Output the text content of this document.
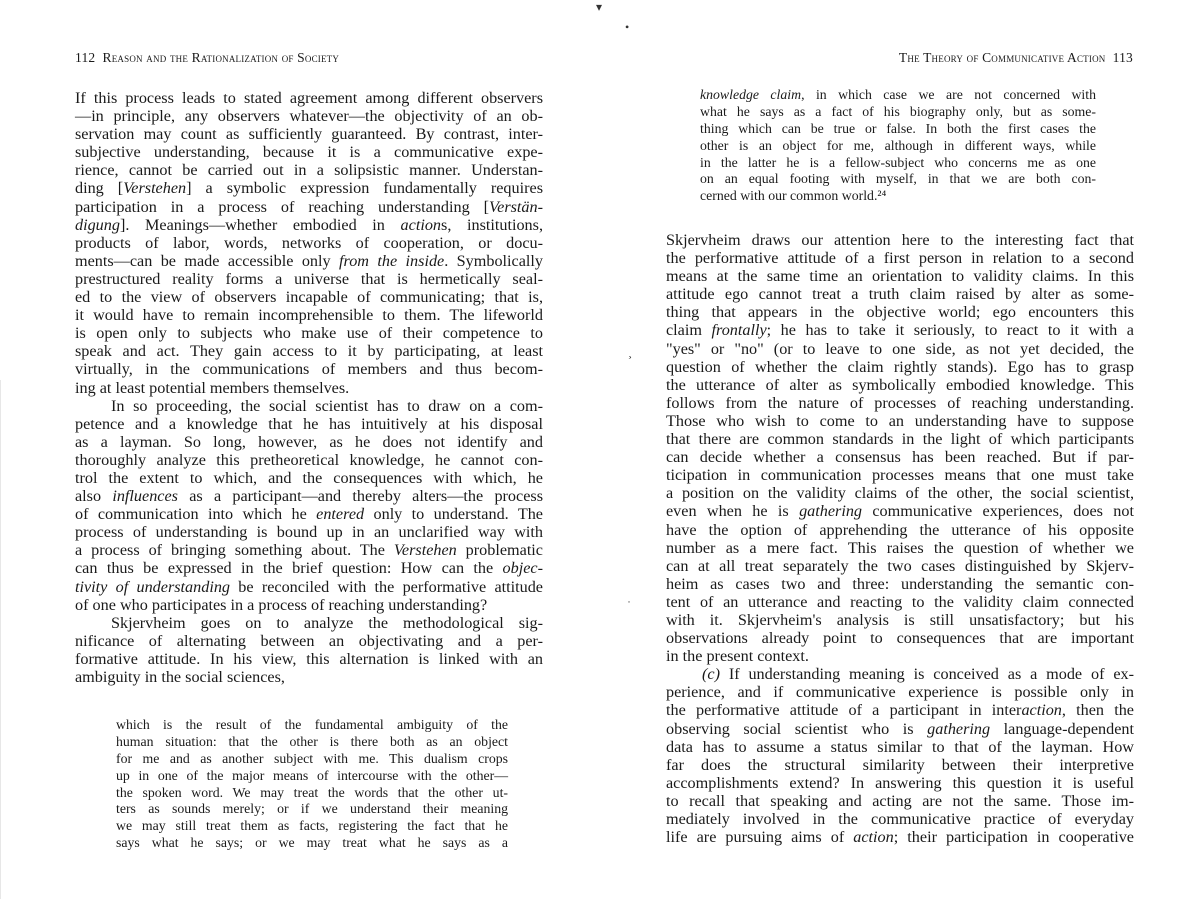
112 Reason and the Rationalization of Society
If this process leads to stated agreement among different observers
—in principle, any observers whatever—the objectivity of an ob-
servation may count as sufficiently guaranteed. By contrast, inter-
subjective understanding, because it is a communicative expe-
rience, cannot be carried out in a solipsistic manner. Understan-
ding [Verstehen] a symbolic expression fundamentally requires
participation in a process of reaching understanding [Verstän-
digung]. Meanings—whether embodied in actions, institutions,
products of labor, words, networks of cooperation, or docu-
ments—can be made accessible only from the inside. Symbolically
prestructured reality forms a universe that is hermetically seal-
ed to the view of observers incapable of communicating; that is,
it would have to remain incomprehensible to them. The lifeworld
is open only to subjects who make use of their competence to
speak and act. They gain access to it by participating, at least
virtually, in the communications of members and thus becom-
ing at least potential members themselves.
In so proceeding, the social scientist has to draw on a com-
petence and a knowledge that he has intuitively at his disposal
as a layman. So long, however, as he does not identify and
thoroughly analyze this pretheoretical knowledge, he cannot con-
trol the extent to which, and the consequences with which, he
also influences as a participant—and thereby alters—the process
of communication into which he entered only to understand. The
process of understanding is bound up in an unclarified way with
a process of bringing something about. The Verstehen problematic
can thus be expressed in the brief question: How can the objec-
tivity of understanding be reconciled with the performative attitude
of one who participates in a process of reaching understanding?
Skjervheim goes on to analyze the methodological sig-
nificance of alternating between an objectivating and a per-
formative attitude. In his view, this alternation is linked with an
ambiguity in the social sciences,
which is the result of the fundamental ambiguity of the
human situation: that the other is there both as an object
for me and as another subject with me. This dualism crops
up in one of the major means of intercourse with the other—
the spoken word. We may treat the words that the other ut-
ters as sounds merely; or if we understand their meaning
we may still treat them as facts, registering the fact that he
says what he says; or we may treat what he says as a
The Theory of Communicative Action 113
knowledge claim, in which case we are not concerned with
what he says as a fact of his biography only, but as some-
thing which can be true or false. In both the first cases the
other is an object for me, although in different ways, while
in the latter he is a fellow-subject who concerns me as one
on an equal footing with myself, in that we are both con-
cerned with our common world.²⁴
Skjervheim draws our attention here to the interesting fact that
the performative attitude of a first person in relation to a second
means at the same time an orientation to validity claims. In this
attitude ego cannot treat a truth claim raised by alter as some-
thing that appears in the objective world; ego encounters this
claim frontally; he has to take it seriously, to react to it with a
"yes" or "no" (or to leave to one side, as not yet decided, the
question of whether the claim rightly stands). Ego has to grasp
the utterance of alter as symbolically embodied knowledge. This
follows from the nature of processes of reaching understanding.
Those who wish to come to an understanding have to suppose
that there are common standards in the light of which participants
can decide whether a consensus has been reached. But if par-
ticipation in communication processes means that one must take
a position on the validity claims of the other, the social scientist,
even when he is gathering communicative experiences, does not
have the option of apprehending the utterance of his opposite
number as a mere fact. This raises the question of whether we
can at all treat separately the two cases distinguished by Skjerv-
heim as cases two and three: understanding the semantic con-
tent of an utterance and reacting to the validity claim connected
with it. Skjervheim's analysis is still unsatisfactory; but his
observations already point to consequences that are important
in the present context.
(c) If understanding meaning is conceived as a mode of ex-
perience, and if communicative experience is possible only in
the performative attitude of a participant in interaction, then the
observing social scientist who is gathering language-dependent
data has to assume a status similar to that of the layman. How
far does the structural similarity between their interpretive
accomplishments extend? In answering this question it is useful
to recall that speaking and acting are not the same. Those im-
mediately involved in the communicative practice of everyday
life are pursuing aims of action; their participation in cooperative
▾
•
¸
˙
